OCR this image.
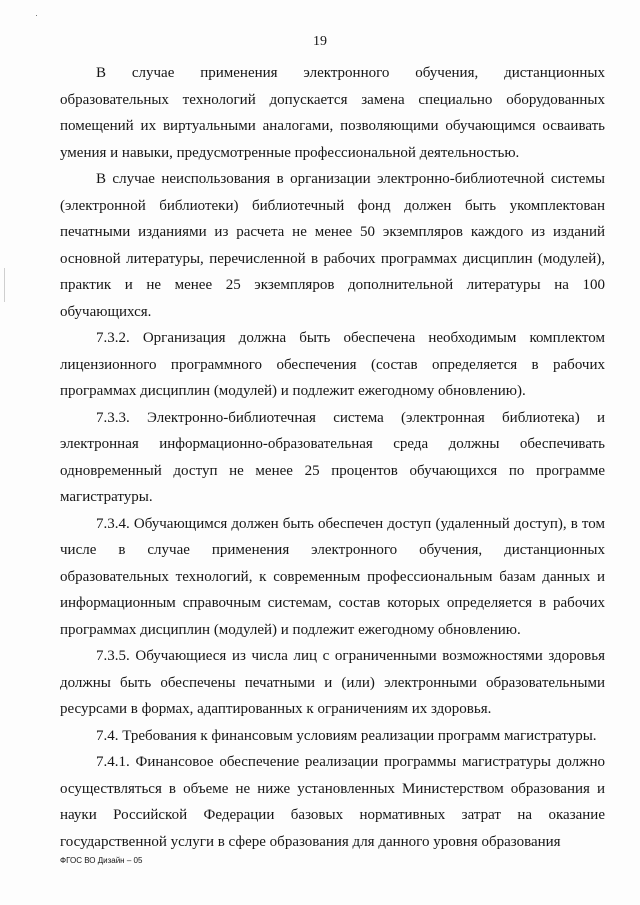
19

В случае применения электронного обучения, дистанционных образовательных технологий допускается замена специально оборудованных помещений их виртуальными аналогами, позволяющими обучающимся осваивать умения и навыки, предусмотренные профессиональной деятельностью.

В случае неиспользования в организации электронно-библиотечной системы (электронной библиотеки) библиотечный фонд должен быть укомплектован печатными изданиями из расчета не менее 50 экземпляров каждого из изданий основной литературы, перечисленной в рабочих программах дисциплин (модулей), практик и не менее 25 экземпляров дополнительной литературы на 100 обучающихся.

7.3.2. Организация должна быть обеспечена необходимым комплектом лицензионного программного обеспечения (состав определяется в рабочих программах дисциплин (модулей) и подлежит ежегодному обновлению).

7.3.3. Электронно-библиотечная система (электронная библиотека) и электронная информационно-образовательная среда должны обеспечивать одновременный доступ не менее 25 процентов обучающихся по программе магистратуры.

7.3.4. Обучающимся должен быть обеспечен доступ (удаленный доступ), в том числе в случае применения электронного обучения, дистанционных образовательных технологий, к современным профессиональным базам данных и информационным справочным системам, состав которых определяется в рабочих программах дисциплин (модулей) и подлежит ежегодному обновлению.

7.3.5. Обучающиеся из числа лиц с ограниченными возможностями здоровья должны быть обеспечены печатными и (или) электронными образовательными ресурсами в формах, адаптированных к ограничениям их здоровья.

7.4. Требования к финансовым условиям реализации программ магистратуры.

7.4.1. Финансовое обеспечение реализации программы магистратуры должно осуществляться в объеме не ниже установленных Министерством образования и науки Российской Федерации базовых нормативных затрат на оказание государственной услуги в сфере образования для данного уровня образования

ФГОС ВО Дизайн – 05
